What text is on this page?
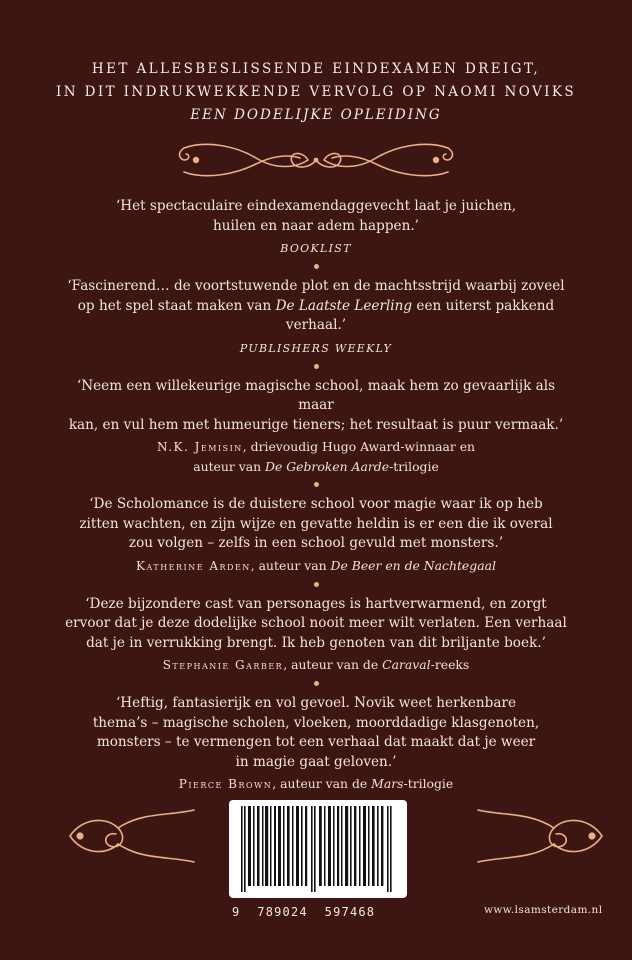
HET ALLESBESLISSENDE EINDEXAMEN DREIGT,
IN DIT INDRUKWEKKENDE VERVOLG OP NAOMI NOVIKS
EEN DODELIJKE OPLEIDING

‘Het spectaculaire eindexamendaggevecht laat je juichen,

huilen en naar adem happen.’

BOOKLIST

‘Fascinerend… de voortstuwende plot en de machtsstrijd waarbij zoveel

op het spel staat maken van De Laatste Leerling een uiterst pakkend verhaal.’

PUBLISHERS WEEKLY

‘Neem een willekeurige magische school, maak hem zo gevaarlijk als maar

kan, en vul hem met humeurige tieners; het resultaat is puur vermaak.’

N.K. Jemisin, drievoudig Hugo Award-winnaar en
auteur van De Gebroken Aarde-trilogie

‘De Scholomance is de duistere school voor magie waar ik op heb

zitten wachten, en zijn wijze en gevatte heldin is er een die ik overal

zou volgen – zelfs in een school gevuld met monsters.’

Katherine Arden, auteur van De Beer en de Nachtegaal

‘Deze bijzondere cast van personages is hartverwarmend, en zorgt

ervoor dat je deze dodelijke school nooit meer wilt verlaten. Een verhaal

dat je in verrukking brengt. Ik heb genoten van dit briljante boek.’

Stephanie Garber, auteur van de Caraval-reeks

‘Heftig, fantasierijk en vol gevoel. Novik weet herkenbare

thema’s – magische scholen, vloeken, moorddadige klasgenoten,

monsters – te vermengen tot een verhaal dat maakt dat je weer

in magie gaat geloven.’

Pierce Brown, auteur van de Mars-trilogie
9  789024  597468	www.lsamsterdam.nl
